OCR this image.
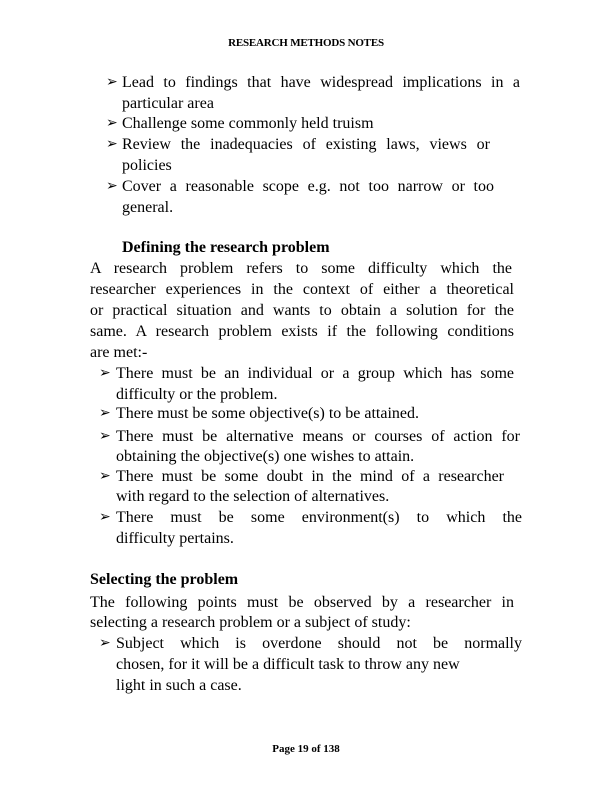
RESEARCH METHODS NOTES
➢ Lead to findings that have widespread implications in a
particular area
➢ Challenge some commonly held truism
➢ Review the inadequacies of existing laws, views or
policies
➢ Cover a reasonable scope e.g. not too narrow or too
general.
Defining the research problem
A research problem refers to some difficulty which the
researcher experiences in the context of either a theoretical
or practical situation and wants to obtain a solution for the
same. A research problem exists if the following conditions
are met:-
➢ There must be an individual or a group which has some
difficulty or the problem.
➢ There must be some objective(s) to be attained.
➢ There must be alternative means or courses of action for
obtaining the objective(s) one wishes to attain.
➢ There must be some doubt in the mind of a researcher
with regard to the selection of alternatives.
➢ There must be some environment(s) to which the
difficulty pertains.
Selecting the problem
The following points must be observed by a researcher in
selecting a research problem or a subject of study:
➢ Subject which is overdone should not be normally
chosen, for it will be a difficult task to throw any new
light in such a case.
Page 19 of 138
